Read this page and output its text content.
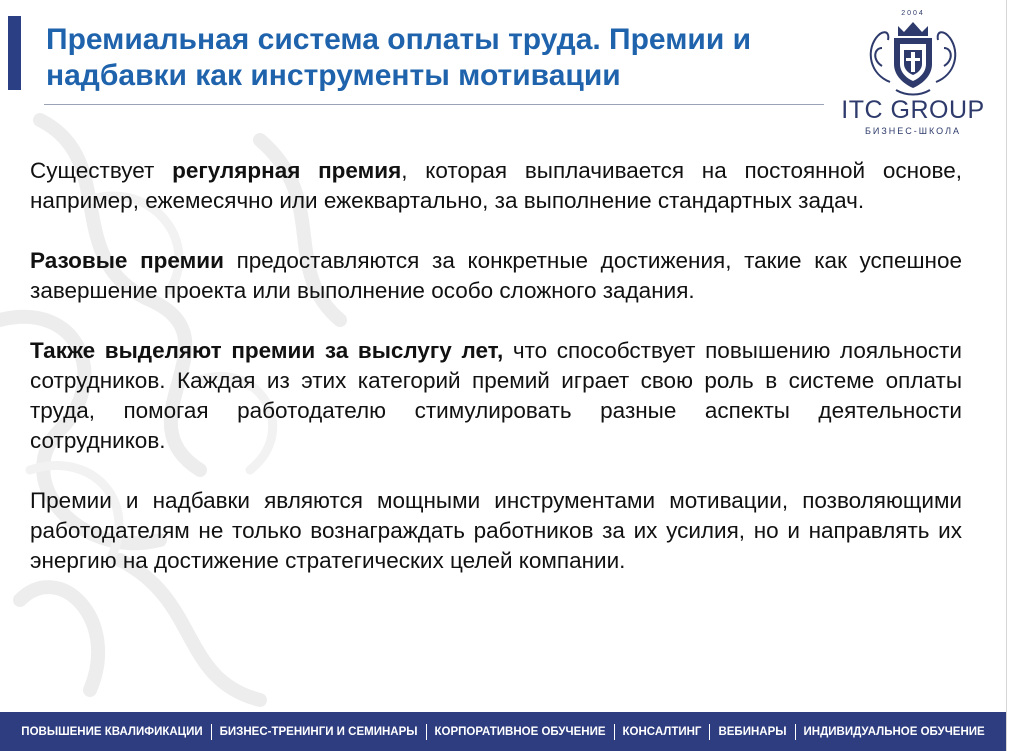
Премиальная система оплаты труда. Премии и надбавки как инструменты мотивации
2004
ITC GROUP
БИЗНЕС-ШКОЛА

Существует регулярная премия, которая выплачивается на постоянной основе, например, ежемесячно или ежеквартально, за выполнение стандартных задач.

Разовые премии предоставляются за конкретные достижения, такие как успешное завершение проекта или выполнение особо сложного задания.

Также выделяют премии за выслугу лет, что способствует повышению лояльности сотрудников. Каждая из этих категорий премий играет свою роль в системе оплаты труда, помогая работодателю стимулировать разные аспекты деятельности сотрудников.

Премии и надбавки являются мощными инструментами мотивации, позволяющими работодателям не только вознаграждать работников за их усилия, но и направлять их энергию на достижение стратегических целей компании.

ПОВЫШЕНИЕ КВАЛИФИКАЦИИ	БИЗНЕС-ТРЕНИНГИ И СЕМИНАРЫ	КОРПОРАТИВНОЕ ОБУЧЕНИЕ	КОНСАЛТИНГ	ВЕБИНАРЫ	ИНДИВИДУАЛЬНОЕ ОБУЧЕНИЕ
